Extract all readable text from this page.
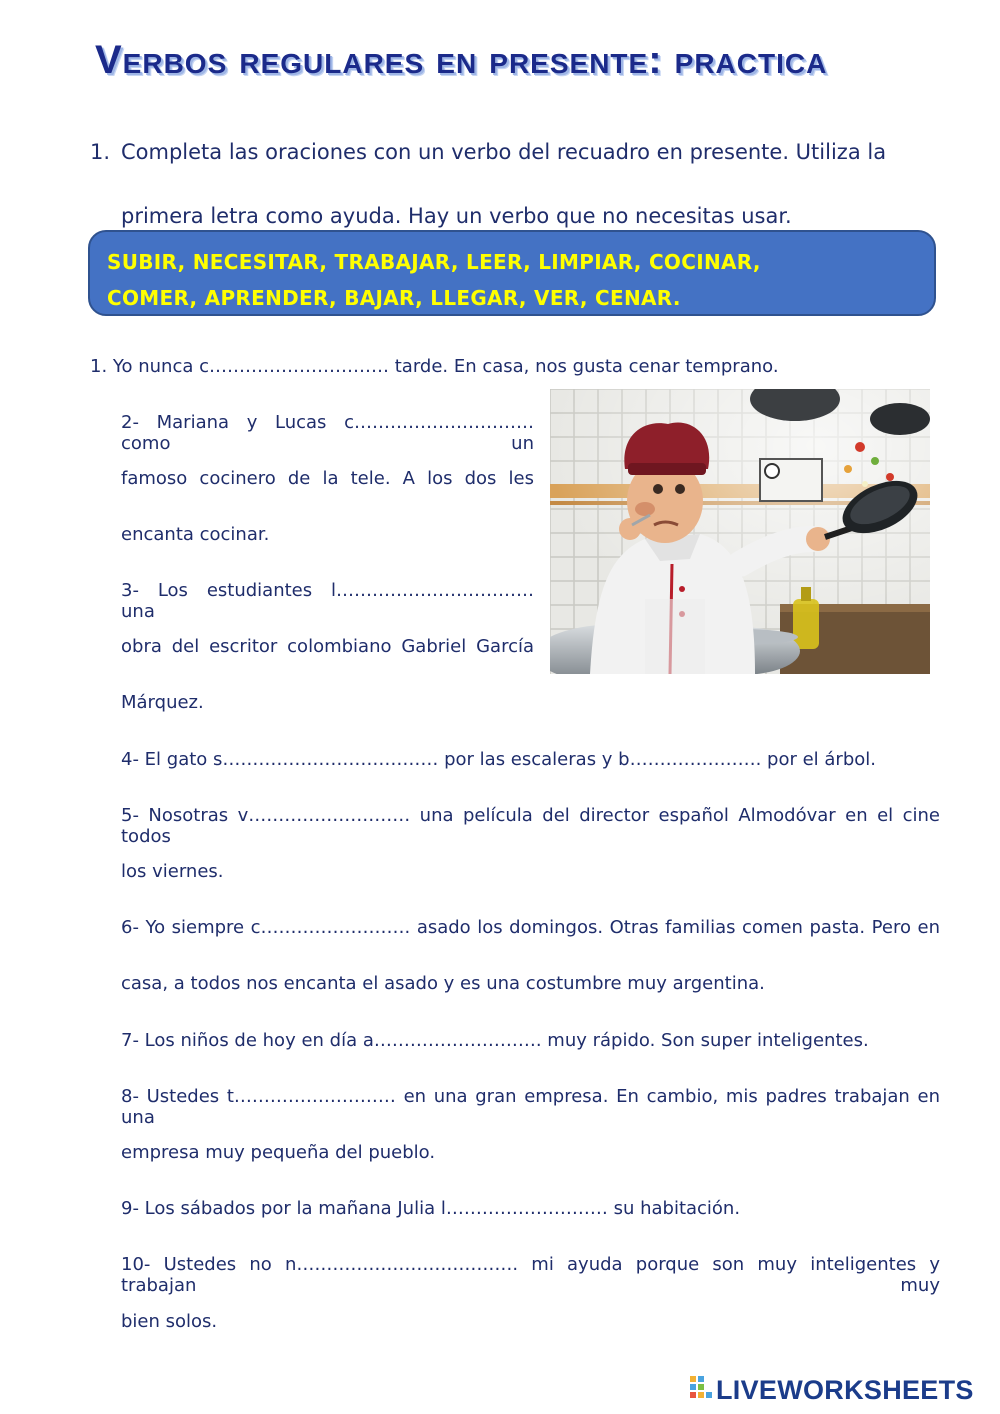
Verbos regulares en presente: practica
1. Completa las oraciones con un verbo del recuadro en presente. Utiliza la
primera letra como ayuda. Hay un verbo que no necesitas usar.
SUBIR, NECESITAR, TRABAJAR, LEER, LIMPIAR, COCINAR,
COMER, APRENDER, BAJAR, LLEGAR, VER, CENAR.
1. Yo nunca c………………………… tarde. En casa, nos gusta cenar temprano.
2- Mariana y Lucas c………………………… como un
famoso cocinero de la tele. A los dos les
encanta cocinar.
3- Los estudiantes l…………………………… una
obra del escritor colombiano Gabriel García
Márquez.
4- El gato s……………………………… por las escaleras y b…………………. por el árbol.
5- Nosotras v……………………… una película del director español Almodóvar en el cine todos
los viernes.
6- Yo siempre c……………………. asado los domingos. Otras familias comen pasta. Pero en
casa, a todos nos encanta el asado y es una costumbre muy argentina.
7- Los niños de hoy en día a………………………. muy rápido. Son super inteligentes.
8- Ustedes t……………………… en una gran empresa. En cambio, mis padres trabajan en una
empresa muy pequeña del pueblo.
9- Los sábados por la mañana Julia l……………………… su habitación.
10- Ustedes no n………………………………. mi ayuda porque son muy inteligentes y trabajan muy
bien solos.
LIVEWORKSHEETS
